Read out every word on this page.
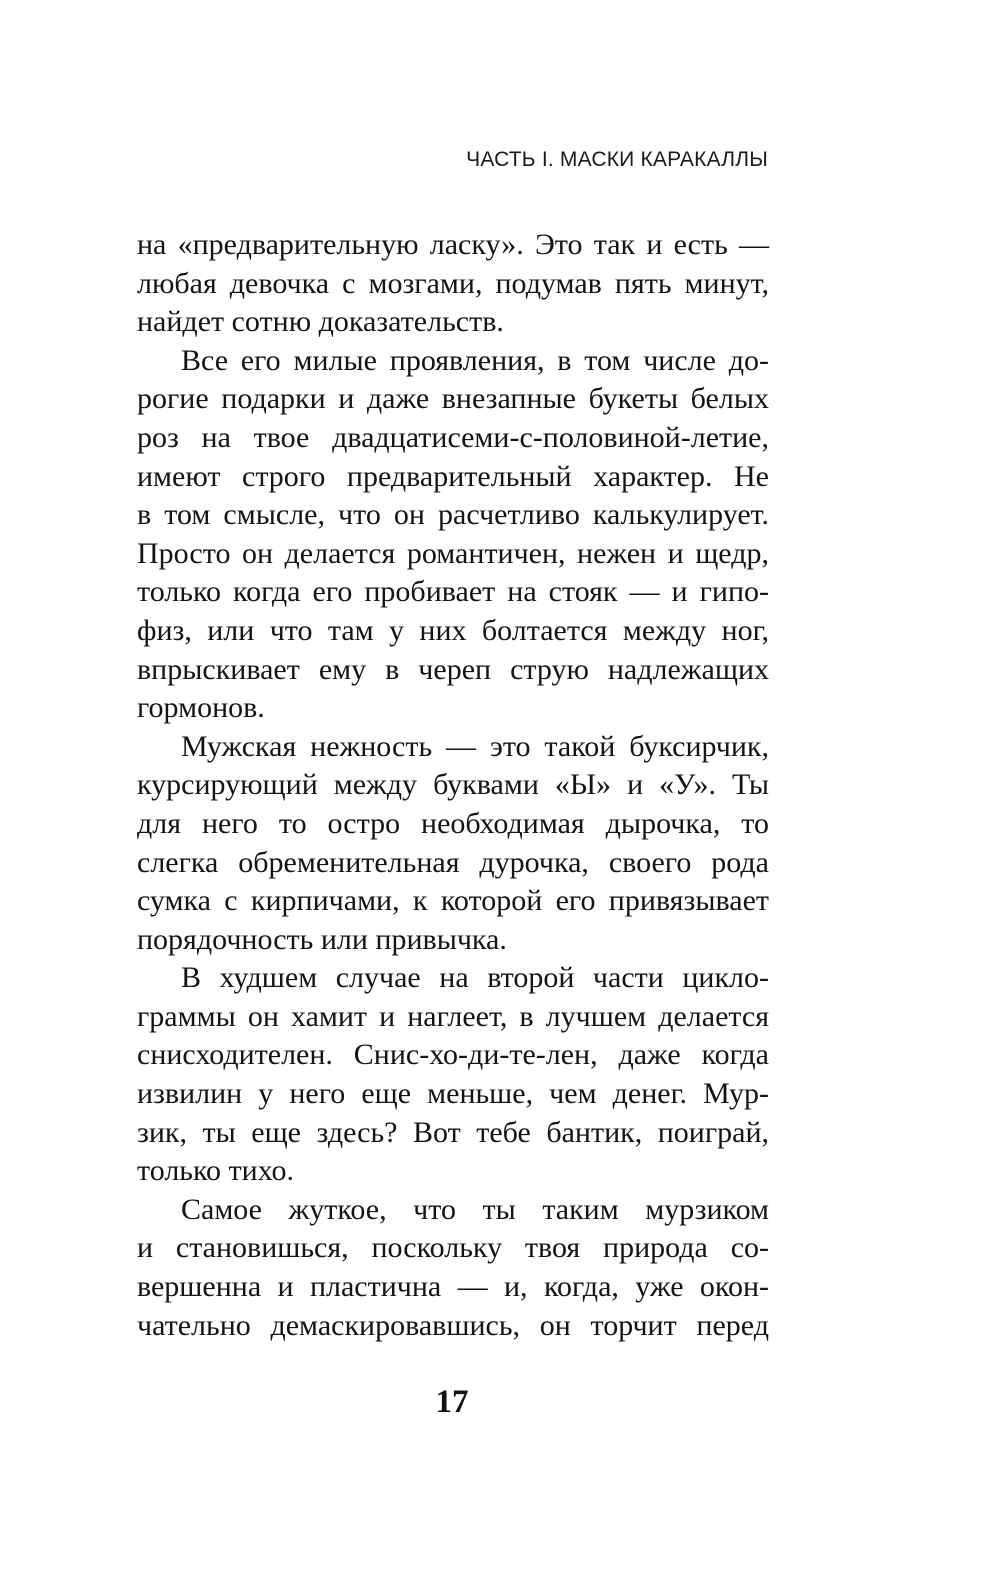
ЧАСТЬ I. МАСКИ КАРАКАЛЛЫ
на «предварительную ласку». Это так и есть —
любая девочка с мозгами, подумав пять минут,
найдет сотню доказательств.
Все его милые проявления, в том числе до-
рогие подарки и даже внезапные букеты белых
роз на твое двадцатисеми-с-половиной-летие,
имеют строго предварительный характер. Не
в том смысле, что он расчетливо калькулирует.
Просто он делается романтичен, нежен и щедр,
только когда его пробивает на стояк — и гипо-
физ, или что там у них болтается между ног,
впрыскивает ему в череп струю надлежащих
гормонов.
Мужская нежность — это такой буксирчик,
курсирующий между буквами «Ы» и «У». Ты
для него то остро необходимая дырочка, то
слегка обременительная дурочка, своего рода
сумка с кирпичами, к которой его привязывает
порядочность или привычка.
В худшем случае на второй части цикло-
граммы он хамит и наглеет, в лучшем делается
снисходителен. Снис-хо-ди-те-лен, даже когда
извилин у него еще меньше, чем денег. Мур-
зик, ты еще здесь? Вот тебе бантик, поиграй,
только тихо.
Самое жуткое, что ты таким мурзиком
и становишься, поскольку твоя природа со-
вершенна и пластична — и, когда, уже окон-
чательно демаскировавшись, он торчит перед
17
